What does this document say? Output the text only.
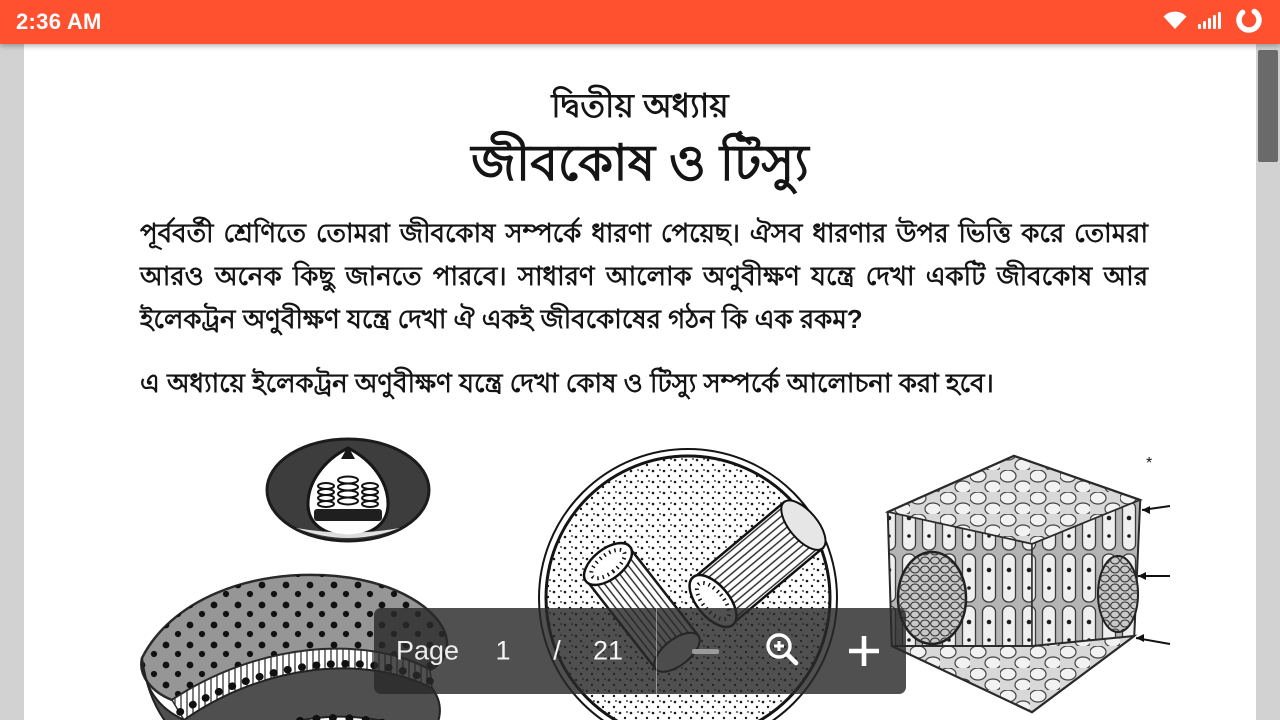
2:36 AM
দ্বিতীয় অধ্যায়
জীবকোষ ও টিস্যু
পূর্ববর্তী শ্রেণিতে তোমরা জীবকোষ সম্পর্কে ধারণা পেয়েছ। ঐসব ধারণার উপর ভিত্তি করে তোমরা আরও অনেক কিছু জানতে পারবে। সাধারণ আলোক অণুবীক্ষণ যন্ত্রে দেখা একটি জীবকোষ আর ইলেকট্রন অণুবীক্ষণ যন্ত্রে দেখা ঐ একই জীবকোষের গঠন কি এক রকম?
এ অধ্যায়ে ইলেকট্রন অণুবীক্ষণ যন্ত্রে দেখা কোষ ও টিস্যু সম্পর্কে আলোচনা করা হবে।
*
Page	1	/	21
